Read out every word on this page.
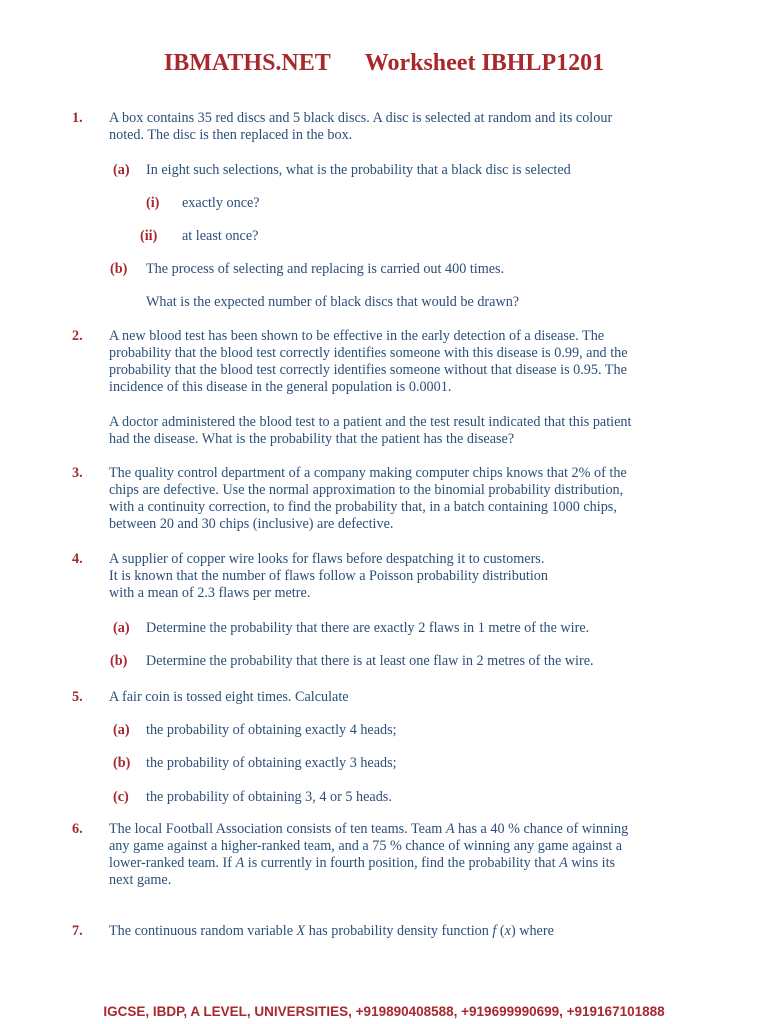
IBMATHS.NET Worksheet IBHLP1201
1. A box contains 35 red discs and 5 black discs. A disc is selected at random and its colour noted. The disc is then replaced in the box.
(a) In eight such selections, what is the probability that a black disc is selected
(i) exactly once?
(ii) at least once?
(b) The process of selecting and replacing is carried out 400 times.
What is the expected number of black discs that would be drawn?
2. A new blood test has been shown to be effective in the early detection of a disease. The probability that the blood test correctly identifies someone with this disease is 0.99, and the probability that the blood test correctly identifies someone without that disease is 0.95. The incidence of this disease in the general population is 0.0001.
A doctor administered the blood test to a patient and the test result indicated that this patient had the disease. What is the probability that the patient has the disease?
3. The quality control department of a company making computer chips knows that 2% of the chips are defective. Use the normal approximation to the binomial probability distribution, with a continuity correction, to find the probability that, in a batch containing 1000 chips, between 20 and 30 chips (inclusive) are defective.
4. A supplier of copper wire looks for flaws before despatching it to customers.

It is known that the number of flaws follow a Poisson probability distribution

with a mean of 2.3 flaws per metre.

(a) Determine the probability that there are exactly 2 flaws in 1 metre of the wire.
(b) Determine the probability that there is at least one flaw in 2 metres of the wire.
5. A fair coin is tossed eight times. Calculate
(a) the probability of obtaining exactly 4 heads;
(b) the probability of obtaining exactly 3 heads;
(c) the probability of obtaining 3, 4 or 5 heads.
6. The local Football Association consists of ten teams. Team A has a 40 % chance of winning any game against a higher-ranked team, and a 75 % chance of winning any game against a lower-ranked team. If A is currently in fourth position, find the probability that A wins its next game.
7. The continuous random variable X has probability density function f (x) where
IGCSE, IBDP, A LEVEL, UNIVERSITIES, +919890408588, +919699990699, +919167101888
